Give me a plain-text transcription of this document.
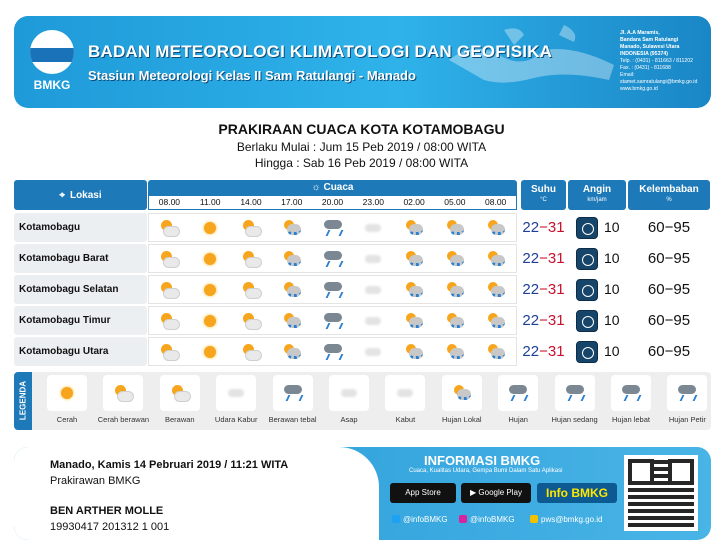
BMKG
BADAN METEOROLOGI KLIMATOLOGI DAN GEOFISIKA
Stasiun Meteorologi Kelas II Sam Ratulangi - Manado
Jl. A.A Maramis,
Bandara Sam Ratulangi
Manado, Sulawesi Utara
INDONESIA (95374)
Telp. : (0431) - 811663 / 811202
Fax. : (0431) - 811688
Email:
stamet.samratulangi@bmkg.go.id
www.bmkg.go.id
PRAKIRAAN CUACA KOTA KOTAMOBAGU
Berlaku Mulai : Jum 15 Peb 2019 / 08:00 WITA
Hingga : Sab 16 Peb 2019 / 08:00 WITA
⌖ Lokasi
☼ Cuaca
08.00	11.00	14.00	17.00	20.00	23.00	02.00	05.00	08.00
Suhu
°C
Angin
km/jam
Kelembaban
%
Kotamobagu	22−31	10	60−95
Kotamobagu Barat	22−31	10	60−95
Kotamobagu Selatan	22−31	10	60−95
Kotamobagu Timur	22−31	10	60−95
Kotamobagu Utara	22−31	10	60−95
LEGENDA	Cerah	Cerah berawan	Berawan	Udara Kabur	Berawan tebal	Asap	Kabut	Hujan Lokal	Hujan	Hujan sedang	Hujan lebat	Hujan Petir
Manado, Kamis 14 Pebruari 2019 / 11:21 WITA
Prakirawan BMKG
BEN ARTHER MOLLE
19930417 201312 1 001
INFORMASI BMKG
Cuaca, Kualitas Udara, Gempa Bumi Dalam Satu Aplikasi
App Store	▶ Google Play	Info BMKG
@infoBMKG	@infoBMKG	pws@bmkg.go.id
